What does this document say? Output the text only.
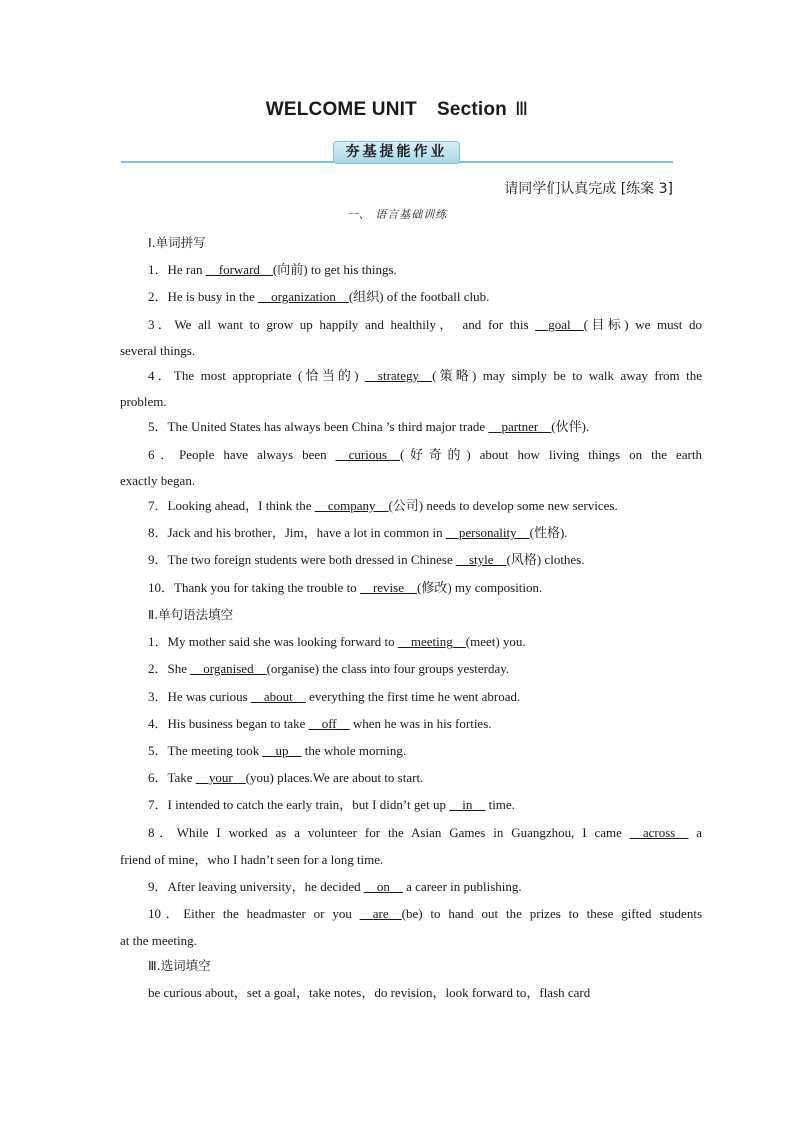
WELCOME UNIT Section Ⅲ
夯基提能作业
请同学们认真完成 [练案 3]
一、 语言基础训练
Ⅰ.单词拼写
1．He ran __forward__(向前) to get his things.
2．He is busy in the __organization__(组织) of the football club.
3．We all want to grow up happily and healthily， and for this __goal__(目标) we must do
several things.
4．The most appropriate (恰当的) __strategy__(策略) may simply be to walk away from the
problem.
5．The United States has always been China ’s third major trade __partner__(伙伴).
6．People have always been __curious__(好奇的) about how living things on the earth
exactly began.
7．Looking ahead，I think the __company__(公司) needs to develop some new services.
8．Jack and his brother，Jim，have a lot in common in __personality__(性格).
9．The two foreign students were both dressed in Chinese __style__(风格) clothes.
10．Thank you for taking the trouble to __revise__(修改) my composition.
Ⅱ.单句语法填空
1．My mother said she was looking forward to __meeting__(meet) you.
2．She __organised__(organise) the class into four groups yesterday.
3．He was curious __about__ everything the first time he went abroad.
4．His business began to take __off__ when he was in his forties.
5．The meeting took __up__ the whole morning.
6．Take __your__(you) places.We are about to start.
7．I intended to catch the early train，but I didn’t get up __in__ time.
8．While I worked as a volunteer for the Asian Games in Guangzhou, I came __across__ a
friend of mine，who I hadn’t seen for a long time.
9．After leaving university，he decided __on__ a career in publishing.
10．Either the headmaster or you __are__(be) to hand out the prizes to these gifted students
at the meeting.
Ⅲ.选词填空
be curious about，set a goal，take notes，do revision，look forward to，flash card
